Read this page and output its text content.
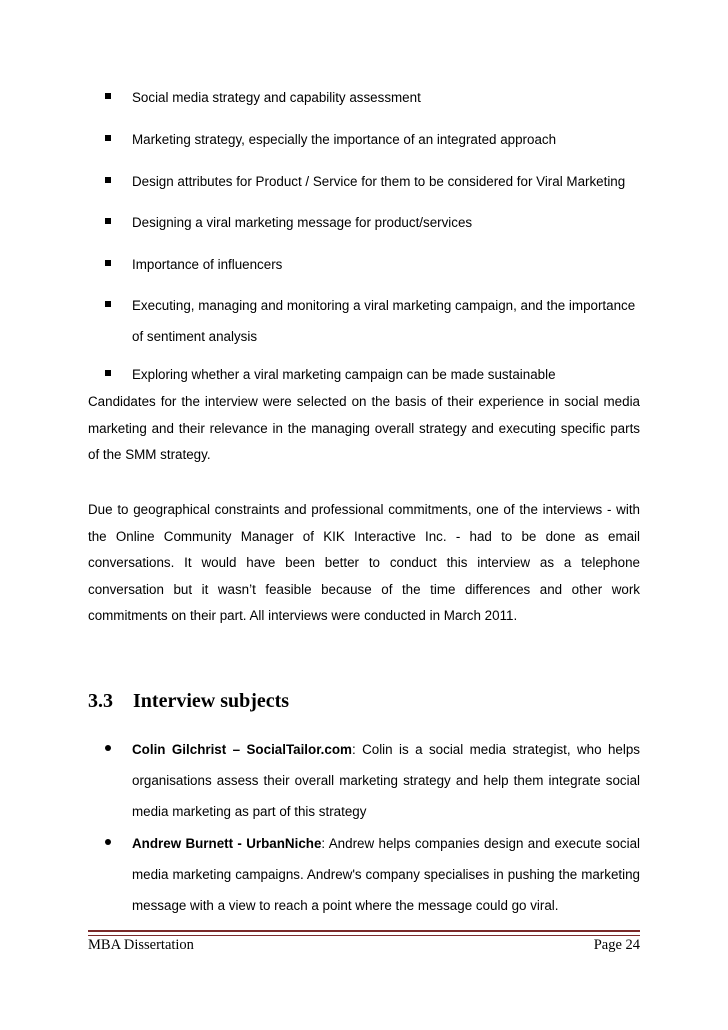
Social media strategy and capability assessment
Marketing strategy, especially the importance of an integrated approach
Design attributes for Product / Service for them to be considered for Viral Marketing
Designing a viral marketing message for product/services
Importance of influencers
Executing, managing and monitoring a viral marketing campaign, and the importance of sentiment analysis
Exploring whether a viral marketing campaign can be made sustainable

Candidates for the interview were selected on the basis of their experience in social media marketing and their relevance in the managing overall strategy and executing specific parts of the SMM strategy.

Due to geographical constraints and professional commitments, one of the interviews - with the Online Community Manager of KIK Interactive Inc. - had to be done as email conversations. It would have been better to conduct this interview as a telephone conversation but it wasn’t feasible because of the time differences and other work commitments on their part. All interviews were conducted in March 2011.

3.3 Interview subjects
Colin Gilchrist – SocialTailor.com: Colin is a social media strategist, who helps organisations assess their overall marketing strategy and help them integrate social media marketing as part of this strategy
Andrew Burnett - UrbanNiche: Andrew helps companies design and execute social media marketing campaigns. Andrew's company specialises in pushing the marketing message with a view to reach a point where the message could go viral.
MBA Dissertation	Page 24
